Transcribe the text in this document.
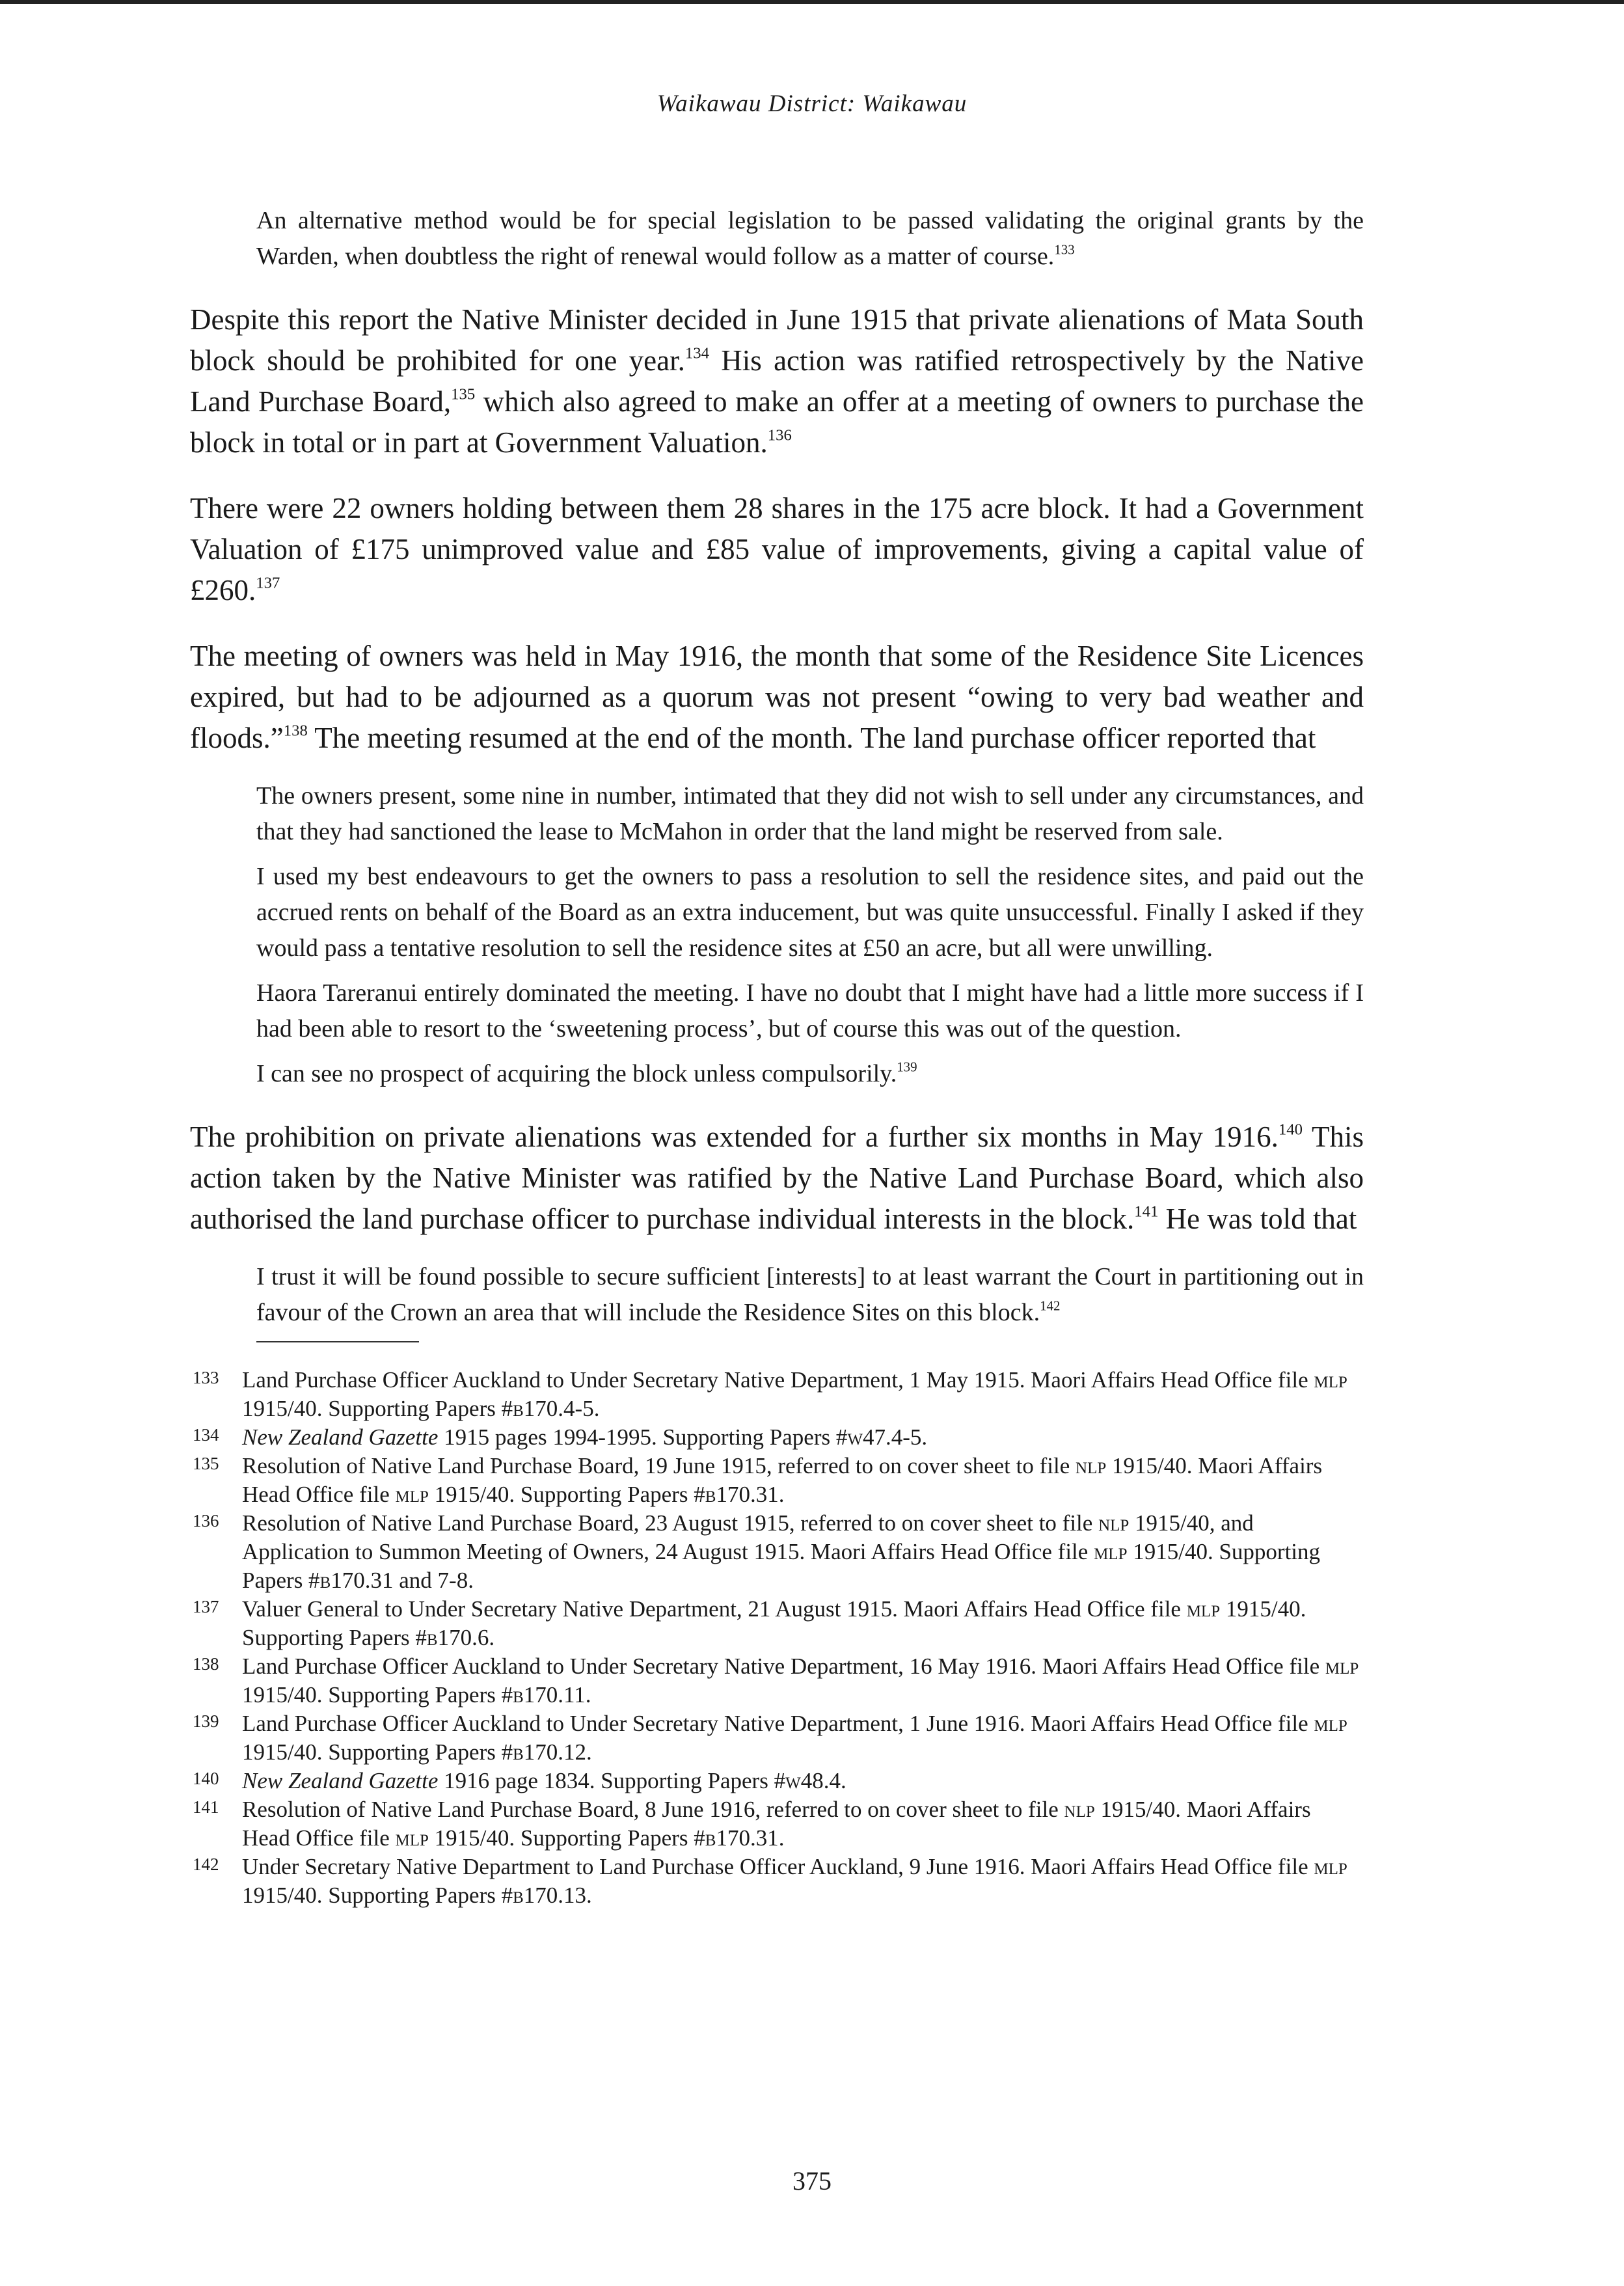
Waikawau District: Waikawau

An alternative method would be for special legislation to be passed validating the original grants by the Warden, when doubtless the right of renewal would follow as a matter of course.$^{133}$

Despite this report the Native Minister decided in June 1915 that private alienations of Mata South block should be prohibited for one year.$^{134}$ His action was ratified retrospectively by the Native Land Purchase Board,$^{135}$ which also agreed to make an offer at a meeting of owners to purchase the block in total or in part at Government Valuation.$^{136}$

There were 22 owners holding between them 28 shares in the 175 acre block. It had a Government Valuation of £175 unimproved value and £85 value of improvements, giving a capital value of £260.$^{137}$

The meeting of owners was held in May 1916, the month that some of the Residence Site Licences expired, but had to be adjourned as a quorum was not present “owing to very bad weather and floods.”$^{138}$ The meeting resumed at the end of the month. The land purchase officer reported that

The owners present, some nine in number, intimated that they did not wish to sell under any circumstances, and that they had sanctioned the lease to McMahon in order that the land might be reserved from sale.

I used my best endeavours to get the owners to pass a resolution to sell the residence sites, and paid out the accrued rents on behalf of the Board as an extra inducement, but was quite unsuccessful. Finally I asked if they would pass a tentative resolution to sell the residence sites at £50 an acre, but all were unwilling.

Haora Tareranui entirely dominated the meeting. I have no doubt that I might have had a little more success if I had been able to resort to the ‘sweetening process’, but of course this was out of the question.

I can see no prospect of acquiring the block unless compulsorily.$^{139}$

The prohibition on private alienations was extended for a further six months in May 1916.$^{140}$ This action taken by the Native Minister was ratified by the Native Land Purchase Board, which also authorised the land purchase officer to purchase individual interests in the block.$^{141}$ He was told that

I trust it will be found possible to secure sufficient [interests] to at least warrant the Court in partitioning out in favour of the Crown an area that will include the Residence Sites on this block.$^{142}$

133 Land Purchase Officer Auckland to Under Secretary Native Department, 1 May 1915. Maori Affairs Head Office file mlp 1915/40. Supporting Papers #b170.4-5.
134 New Zealand Gazette 1915 pages 1994-1995. Supporting Papers #w47.4-5.
135 Resolution of Native Land Purchase Board, 19 June 1915, referred to on cover sheet to file nlp 1915/40. Maori Affairs Head Office file mlp 1915/40. Supporting Papers #b170.31.
136 Resolution of Native Land Purchase Board, 23 August 1915, referred to on cover sheet to file nlp 1915/40, and Application to Summon Meeting of Owners, 24 August 1915. Maori Affairs Head Office file mlp 1915/40. Supporting Papers #b170.31 and 7-8.
137 Valuer General to Under Secretary Native Department, 21 August 1915. Maori Affairs Head Office file mlp 1915/40. Supporting Papers #b170.6.
138 Land Purchase Officer Auckland to Under Secretary Native Department, 16 May 1916. Maori Affairs Head Office file mlp 1915/40. Supporting Papers #b170.11.
139 Land Purchase Officer Auckland to Under Secretary Native Department, 1 June 1916. Maori Affairs Head Office file mlp 1915/40. Supporting Papers #b170.12.
140 New Zealand Gazette 1916 page 1834. Supporting Papers #w48.4.
141 Resolution of Native Land Purchase Board, 8 June 1916, referred to on cover sheet to file nlp 1915/40. Maori Affairs Head Office file mlp 1915/40. Supporting Papers #b170.31.
142 Under Secretary Native Department to Land Purchase Officer Auckland, 9 June 1916. Maori Affairs Head Office file mlp 1915/40. Supporting Papers #b170.13.
375
